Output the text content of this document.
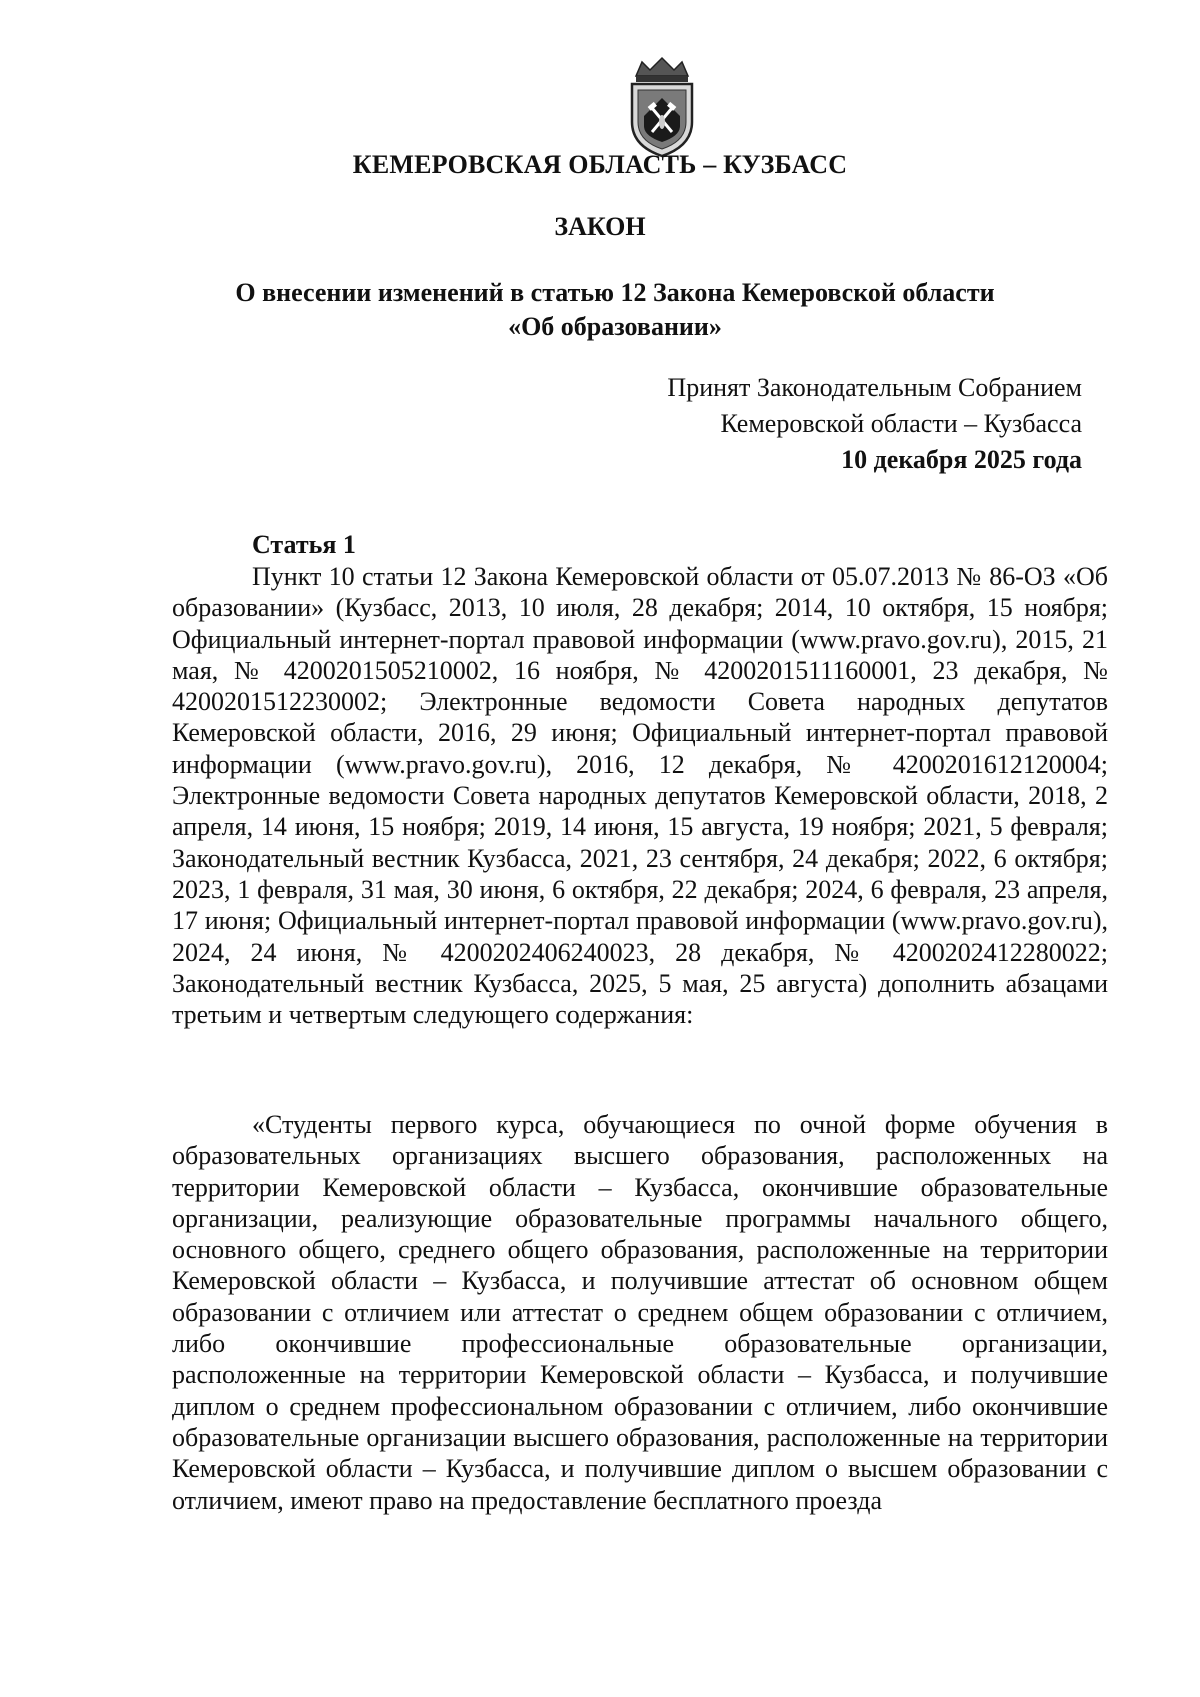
КЕМЕРОВСКАЯ ОБЛАСТЬ – КУЗБАСС
ЗАКОН
О внесении изменений в статью 12 Закона Кемеровской области
«Об образовании»
Принят Законодательным Собранием
Кемеровской области – Кузбасса
10 декабря 2025 года
Статья 1

Пункт 10 статьи 12 Закона Кемеровской области от 05.07.2013 № 86-ОЗ «Об образовании» (Кузбасс, 2013, 10 июля, 28 декабря; 2014, 10 октября, 15 ноября; Официальный интернет-портал правовой информации (www.pravo.gov.ru), 2015, 21 мая, № 4200201505210002, 16 ноября, № 4200201511160001, 23 декабря, № 4200201512230002; Электронные ведомости Совета народных депутатов Кемеровской области, 2016, 29 июня; Официальный интернет-портал правовой информации (www.pravo.gov.ru), 2016, 12 декабря, № 4200201612120004; Электронные ведомости Совета народных депутатов Кемеровской области, 2018, 2 апреля, 14 июня, 15 ноября; 2019, 14 июня, 15 августа, 19 ноября; 2021, 5 февраля; Законодательный вестник Кузбасса, 2021, 23 сентября, 24 декабря; 2022, 6 октября; 2023, 1 февраля, 31 мая, 30 июня, 6 октября, 22 декабря; 2024, 6 февраля, 23 апреля, 17 июня; Официальный интернет-портал правовой информации (www.pravo.gov.ru), 2024, 24 июня, № 4200202406240023, 28 декабря, № 4200202412280022; Законодательный вестник Кузбасса, 2025, 5 мая, 25 августа) дополнить абзацами третьим и четвертым следующего содержания:

«Студенты первого курса, обучающиеся по очной форме обучения в образовательных организациях высшего образования, расположенных на территории Кемеровской области – Кузбасса, окончившие образовательные организации, реализующие образовательные программы начального общего, основного общего, среднего общего образования, расположенные на территории Кемеровской области – Кузбасса, и получившие аттестат об основном общем образовании с отличием или аттестат о среднем общем образовании с отличием, либо окончившие профессиональные образовательные организации, расположенные на территории Кемеровской области – Кузбасса, и получившие диплом о среднем профессиональном образовании с отличием, либо окончившие образовательные организации высшего образования, расположенные на территории Кемеровской области – Кузбасса, и получившие диплом о высшем образовании с отличием, имеют право на предоставление бесплатного проезда
